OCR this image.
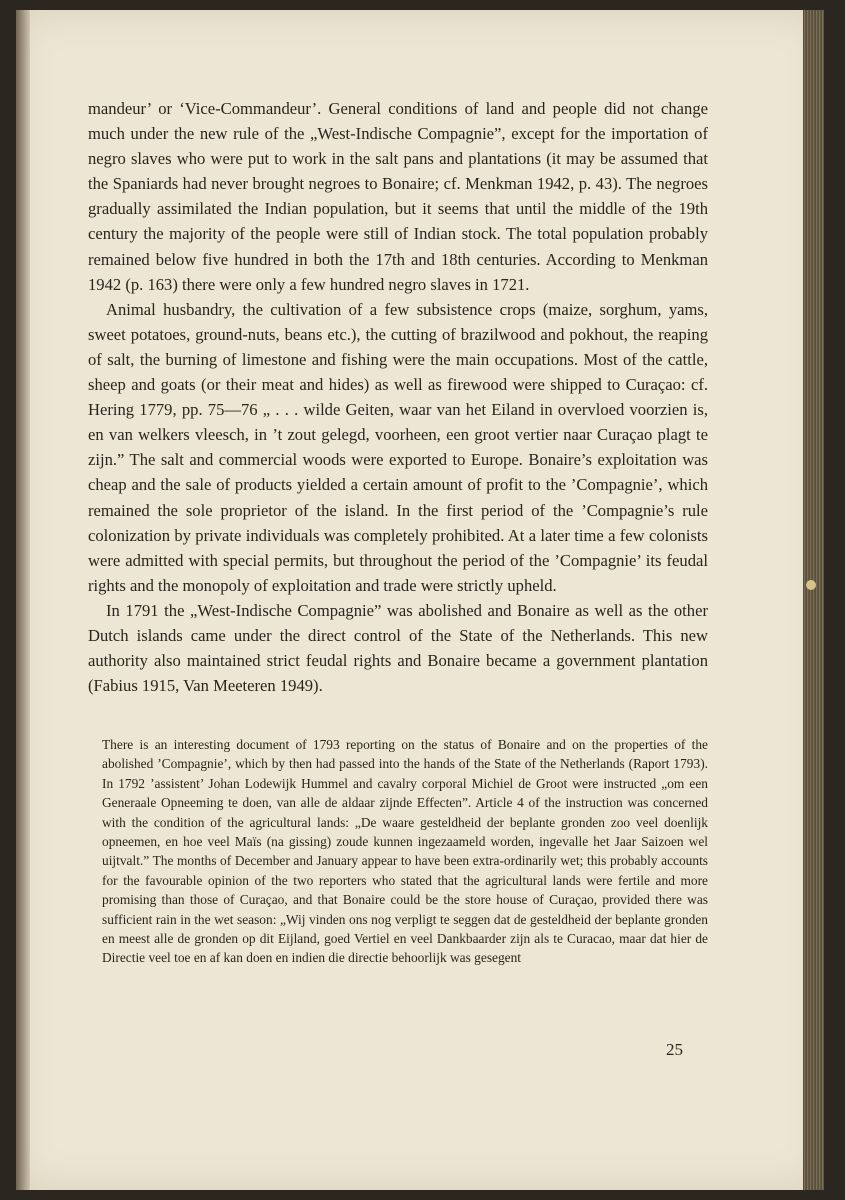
mandeur’ or ‘Vice-Commandeur’. General conditions of land and people did not change much under the new rule of the „West-Indische Compagnie”, except for the importation of negro slaves who were put to work in the salt pans and plantations (it may be assumed that the Spaniards had never brought negroes to Bonaire; cf. Menkman 1942, p. 43). The negroes gradually assimilated the Indian population, but it seems that until the middle of the 19th century the majority of the people were still of Indian stock. The total population probably remained below five hundred in both the 17th and 18th centuries. According to Menkman 1942 (p. 163) there were only a few hundred negro slaves in 1721.

Animal husbandry, the cultivation of a few subsistence crops (maize, sorghum, yams, sweet potatoes, ground-nuts, beans etc.), the cutting of brazilwood and pokhout, the reaping of salt, the burning of limestone and fishing were the main occupations. Most of the cattle, sheep and goats (or their meat and hides) as well as firewood were shipped to Curaçao: cf. Hering 1779, pp. 75—76 „ . . . wilde Geiten, waar van het Eiland in overvloed voorzien is, en van welkers vleesch, in ’t zout gelegd, voorheen, een groot vertier naar Curaçao plagt te zijn.” The salt and commercial woods were exported to Europe. Bonaire’s exploitation was cheap and the sale of products yielded a certain amount of profit to the ’Compagnie’, which remained the sole proprietor of the island. In the first period of the ’Compagnie’s rule colonization by private individuals was completely prohibited. At a later time a few colonists were admitted with special permits, but throughout the period of the ’Compagnie’ its feudal rights and the monopoly of exploitation and trade were strictly upheld.

In 1791 the „West-Indische Compagnie” was abolished and Bonaire as well as the other Dutch islands came under the direct control of the State of the Netherlands. This new authority also maintained strict feudal rights and Bonaire became a government plantation (Fabius 1915, Van Meeteren 1949).

There is an interesting document of 1793 reporting on the status of Bonaire and on the properties of the abolished ’Compagnie’, which by then had passed into the hands of the State of the Netherlands (Raport 1793). In 1792 ’assistent’ Johan Lodewijk Hummel and cavalry corporal Michiel de Groot were instructed „om een Generaale Opneeming te doen, van alle de aldaar zijnde Effecten”. Article 4 of the instruction was concerned with the condition of the agricultural lands: „De waare gesteldheid der beplante gronden zoo veel doenlijk opneemen, en hoe veel Maïs (na gissing) zoude kunnen ingezaameld worden, ingevalle het Jaar Saizoen wel uijtvalt.” The months of December and January appear to have been extra-ordinarily wet; this probably accounts for the favourable opinion of the two reporters who stated that the agricultural lands were fertile and more promising than those of Curaçao, and that Bonaire could be the store house of Curaçao, provided there was sufficient rain in the wet season: „Wij vinden ons nog verpligt te seggen dat de gesteldheid der beplante gronden en meest alle de gronden op dit Eijland, goed Vertiel en veel Dankbaarder zijn als te Curacao, maar dat hier de Directie veel toe en af kan doen en indien die directie behoorlijk was gesegent

25
